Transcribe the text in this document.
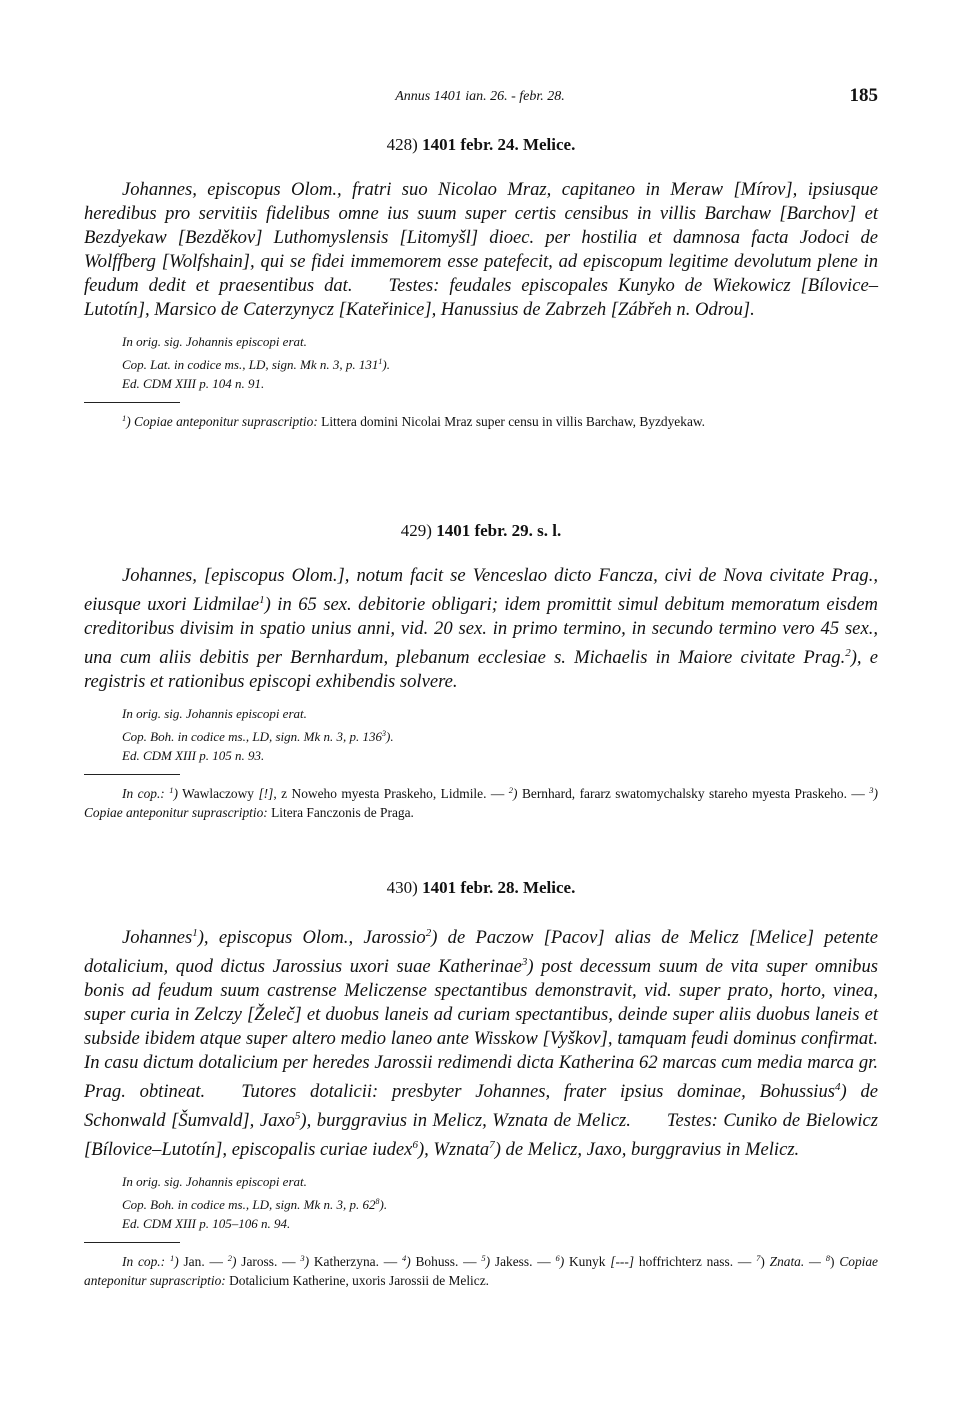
Annus 1401 ian. 26. - febr. 28.	185
428) 1401 febr. 24. Melice.

Johannes, episcopus Olom., fratri suo Nicolao Mraz, capitaneo in Meraw [Mírov], ipsiusque heredibus pro servitiis fidelibus omne ius suum super certis censibus in villis Barchaw [Barchov] et Bezdyekaw [Bezděkov] Luthomyslensis [Litomyšl] dioec. per hostilia et damnosa facta Jodoci de Wolffberg [Wolfshain], qui se fidei immemorem esse patefecit, ad episcopum legitime devolutum plene in feudum dedit et praesentibus dat. Testes: feudales episcopales Kunyko de Wiekowicz [Bílovice–Lutotín], Marsico de Caterzynycz [Kateřinice], Hanussius de Zabrzeh [Zábřeh n. Odrou].

In orig. sig. Johannis episcopi erat.
Cop. Lat. in codice ms., LD, sign. Mk n. 3, p. $131^1$).
Ed. CDM XIII p. 104 n. 91.
$^1$) Copiae anteponitur suprascriptio: Littera domini Nicolai Mraz super censu in villis Barchaw, Byzdyekaw.
429) 1401 febr. 29. s. l.

Johannes, [episcopus Olom.], notum facit se Venceslao dicto Fancza, civi de Nova civitate Prag., eiusque uxori Lidmilae$^1$) in 65 sex. debitorie obligari; idem promittit simul debitum memoratum eisdem creditoribus divisim in spatio unius anni, vid. 20 sex. in primo termino, in secundo termino vero 45 sex., una cum aliis debitis per Bernhardum, plebanum ecclesiae s. Michaelis in Maiore civitate Prag.$^2$), e registris et rationibus episcopi exhibendis solvere.

In orig. sig. Johannis episcopi erat.
Cop. Boh. in codice ms., LD, sign. Mk n. 3, p. $136^3$).
Ed. CDM XIII p. 105 n. 93.
In cop.: $^1$) Wawlaczowy [!], z Noweho myesta Praskeho, Lidmile. — $^2$) Bernhard, fararz swatomychalsky stareho myesta Praskeho. — $^3$) Copiae anteponitur suprascriptio: Litera Fanczonis de Praga.
430) 1401 febr. 28. Melice.

Johannes$^1$), episcopus Olom., Jarossio$^2$) de Paczow [Pacov] alias de Melicz [Melice] petente dotalicium, quod dictus Jarossius uxori suae Katherinae$^3$) post decessum suum de vita super omnibus bonis ad feudum suum castrense Meliczense spectantibus demonstravit, vid. super prato, horto, vinea, super curia in Zelczy [Želeč] et duobus laneis ad curiam spectantibus, deinde super aliis duobus laneis et subside ibidem atque super altero medio laneo ante Wisskow [Vyškov], tamquam feudi dominus confirmat. In casu dictum dotalicium per heredes Jarossii redimendi dicta Katherina 62 marcas cum media marca gr. Prag. obtineat. Tutores dotalicii: presbyter Johannes, frater ipsius dominae, Bohussius$^4$) de Schonwald [Šumvald], Jaxo$^5$), burggravius in Melicz, Wznata de Melicz. Testes: Cuniko de Bielowicz [Bílovice–Lutotín], episcopalis curiae iudex$^6$), Wznata$^7$) de Melicz, Jaxo, burggravius in Melicz.

In orig. sig. Johannis episcopi erat.
Cop. Boh. in codice ms., LD, sign. Mk n. 3, p. $62^8$).
Ed. CDM XIII p. 105–106 n. 94.
In cop.: $^1$) Jan. — $^2$) Jaross. — $^3$) Katherzyna. — $^4$) Bohuss. — $^5$) Jakess. — $^6$) Kunyk [---] hoffrichterz nass. — $^7$) Znata. — $^8$) Copiae anteponitur suprascriptio: Dotalicium Katherine, uxoris Jarossii de Melicz.
